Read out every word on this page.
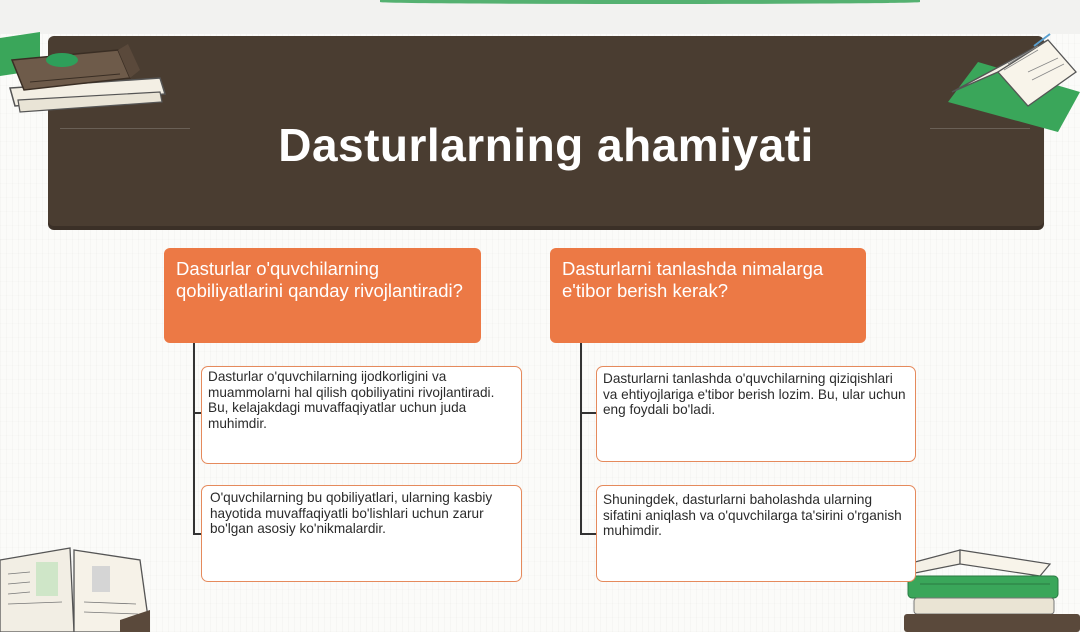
Dasturlarning ahamiyati
Dasturlar o'quvchilarning qobiliyatlarini qanday rivojlantiradi?
Dasturlar o'quvchilarning ijodkorligini va muammolarni hal qilish qobiliyatini rivojlantiradi. Bu, kelajakdagi muvaffaqiyatlar uchun juda muhimdir.
O'quvchilarning bu qobiliyatlari, ularning kasbiy hayotida muvaffaqiyatli bo'lishlari uchun zarur bo'lgan asosiy ko'nikmalardir.
Dasturlarni tanlashda nimalarga e'tibor berish kerak?
Dasturlarni tanlashda o'quvchilarning qiziqishlari va ehtiyojlariga e'tibor berish lozim. Bu, ular uchun eng foydali bo'ladi.
Shuningdek, dasturlarni baholashda ularning sifatini aniqlash va o'quvchilarga ta'sirini o'rganish muhimdir.
